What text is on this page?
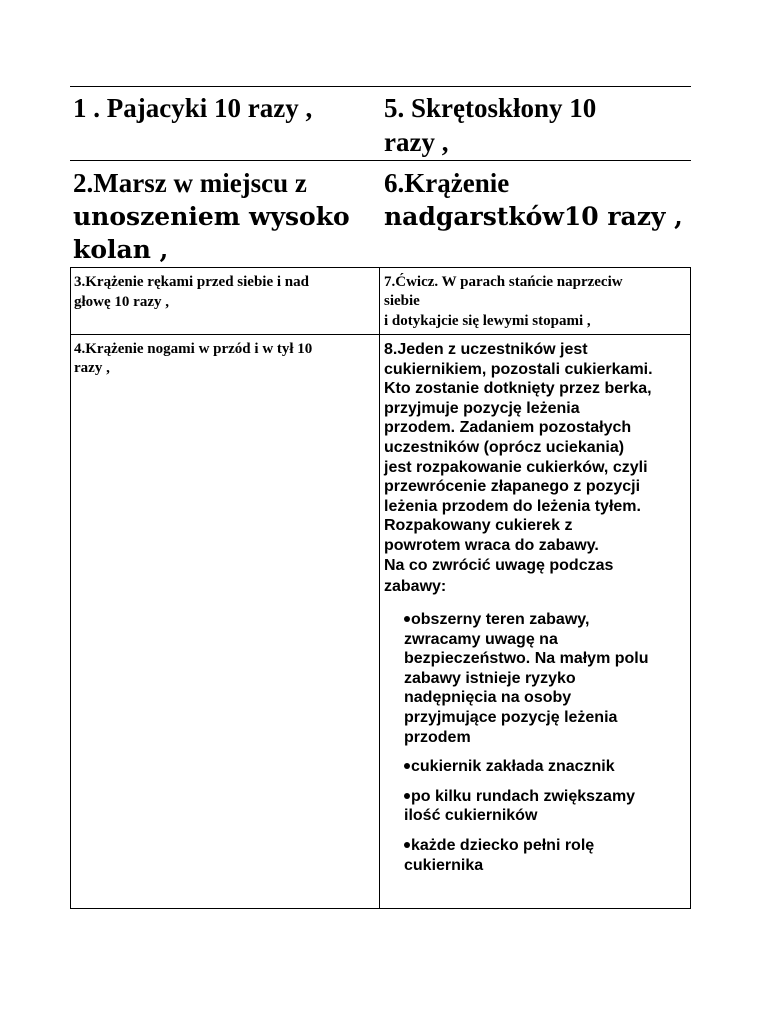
1 . Pajacyki 10 razy ,	5. Skrętoskłony 10

razy ,

2.Marsz w miejscu z

unoszeniem wysoko

kolan ,

6.Krążenie

nadgarstków10 razy ,

3.Krążenie rękami przed siebie i nad

głowę 10 razy ,

7.Ćwicz. W parach stańcie naprzeciw

siebie

i dotykajcie się lewymi stopami ,

4.Krążenie nogami w przód i w tył 10

razy ,

8.Jeden z uczestników jest

cukiernikiem, pozostali cukierkami.

Kto zostanie dotknięty przez berka,

przyjmuje pozycję leżenia

przodem. Zadaniem pozostałych

uczestników (oprócz uciekania)

jest rozpakowanie cukierków, czyli

przewrócenie złapanego z pozycji

leżenia przodem do leżenia tyłem.

Rozpakowany cukierek z

powrotem wraca do zabawy.

Na co zwrócić uwagę podczas

zabawy:

obszerny teren zabawy,
zwracamy uwagę na
bezpieczeństwo. Na małym polu
zabawy istnieje ryzyko
nadępnięcia na osoby
przyjmujące pozycję leżenia
przodem
cukiernik zakłada znacznik
po kilku rundach zwiększamy
ilość cukierników
każde dziecko pełni rolę
cukiernika
